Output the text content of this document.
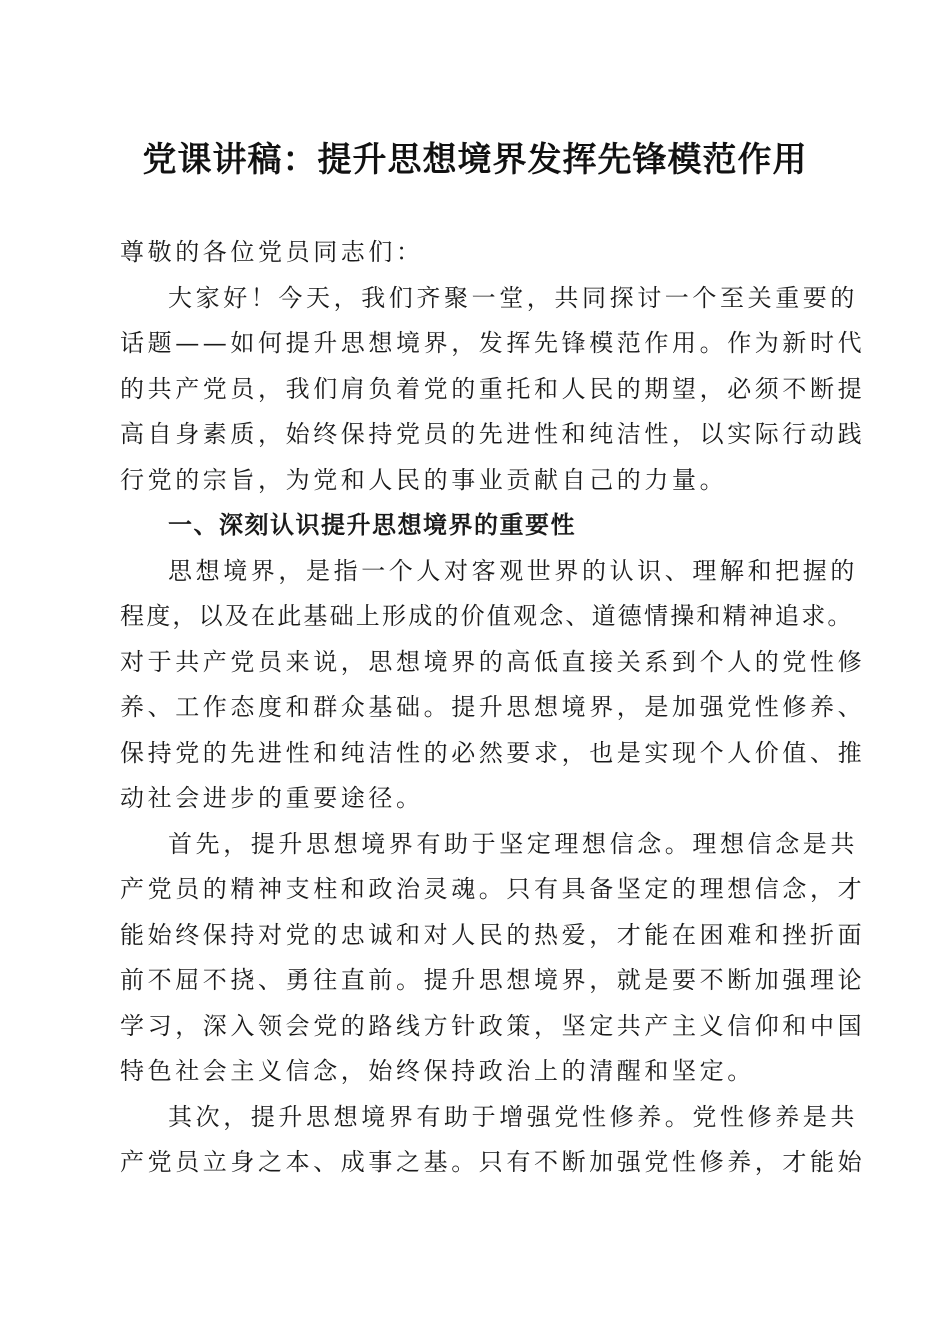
党课讲稿：提升思想境界发挥先锋模范作用
尊敬的各位党员同志们：
大家好！今天，我们齐聚一堂，共同探讨一个至关重要的
话题——如何提升思想境界，发挥先锋模范作用。作为新时代
的共产党员，我们肩负着党的重托和人民的期望，必须不断提
高自身素质，始终保持党员的先进性和纯洁性，以实际行动践
行党的宗旨，为党和人民的事业贡献自己的力量。
一、深刻认识提升思想境界的重要性
思想境界，是指一个人对客观世界的认识、理解和把握的
程度，以及在此基础上形成的价值观念、道德情操和精神追求。
对于共产党员来说，思想境界的高低直接关系到个人的党性修
养、工作态度和群众基础。提升思想境界，是加强党性修养、
保持党的先进性和纯洁性的必然要求，也是实现个人价值、推
动社会进步的重要途径。
首先，提升思想境界有助于坚定理想信念。理想信念是共
产党员的精神支柱和政治灵魂。只有具备坚定的理想信念，才
能始终保持对党的忠诚和对人民的热爱，才能在困难和挫折面
前不屈不挠、勇往直前。提升思想境界，就是要不断加强理论
学习，深入领会党的路线方针政策，坚定共产主义信仰和中国
特色社会主义信念，始终保持政治上的清醒和坚定。
其次，提升思想境界有助于增强党性修养。党性修养是共
产党员立身之本、成事之基。只有不断加强党性修养，才能始
